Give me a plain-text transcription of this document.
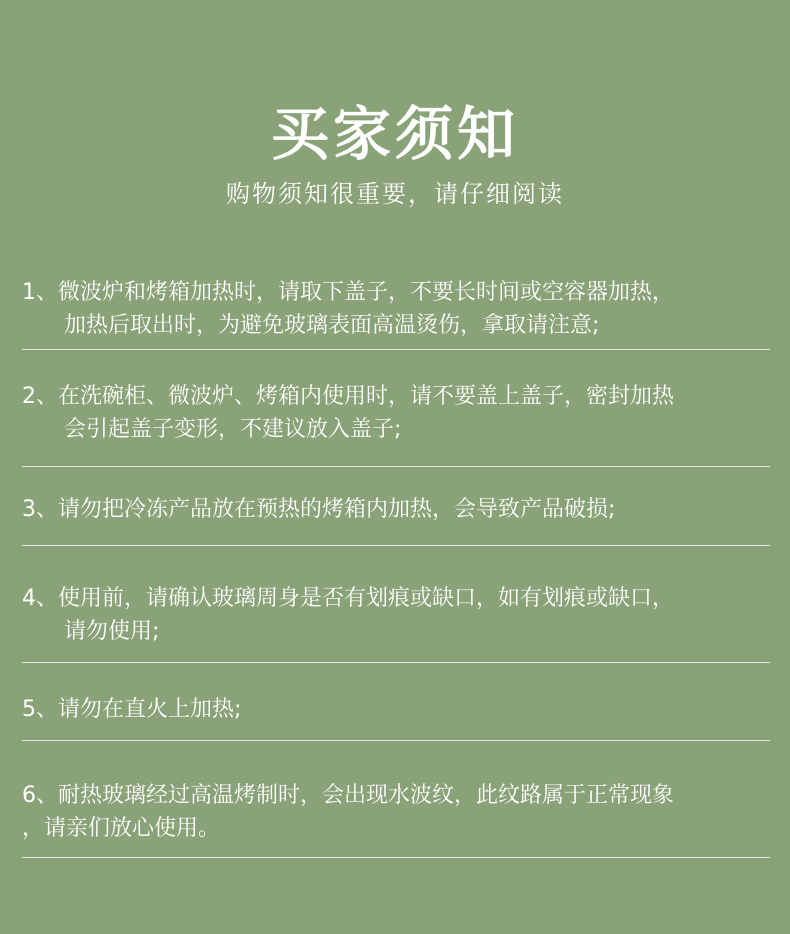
买家须知
购物须知很重要，请仔细阅读
1、微波炉和烤箱加热时，请取下盖子，不要长时间或空容器加热，
加热后取出时，为避免玻璃表面高温烫伤，拿取请注意;
2、在洗碗柜、微波炉、烤箱内使用时，请不要盖上盖子，密封加热
会引起盖子变形，不建议放入盖子;
3、请勿把冷冻产品放在预热的烤箱内加热，会导致产品破损;
4、使用前，请确认玻璃周身是否有划痕或缺口，如有划痕或缺口，
请勿使用;
5、请勿在直火上加热;
6、耐热玻璃经过高温烤制时，会出现水波纹，此纹路属于正常现象
，请亲们放心使用。
